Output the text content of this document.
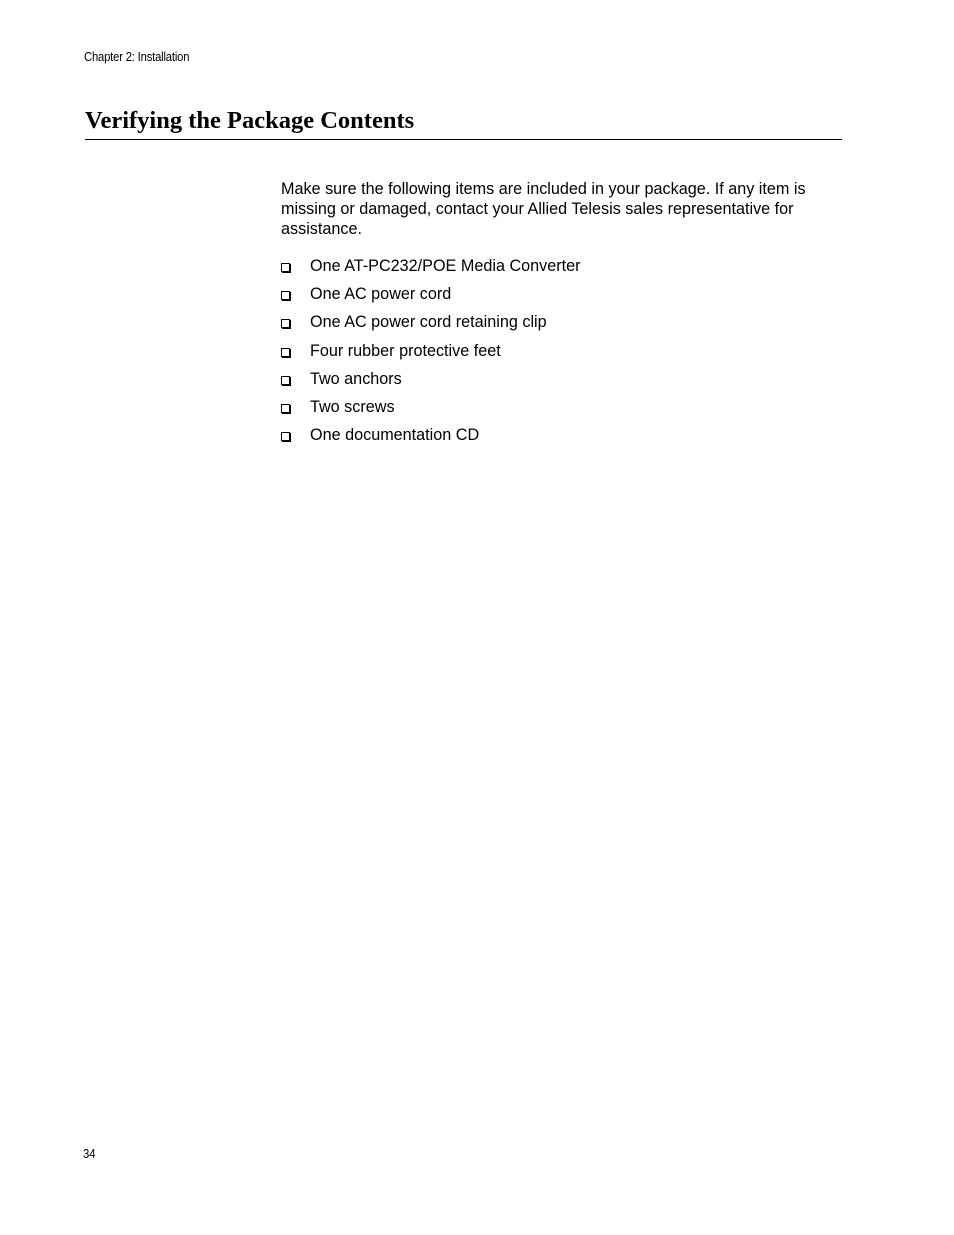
Chapter 2: Installation
Verifying the Package Contents

Make sure the following items are included in your package. If any item is missing or damaged, contact your Allied Telesis sales representative for assistance.

One AT-PC232/POE Media Converter
One AC power cord
One AC power cord retaining clip
Four rubber protective feet
Two anchors
Two screws
One documentation CD
34
